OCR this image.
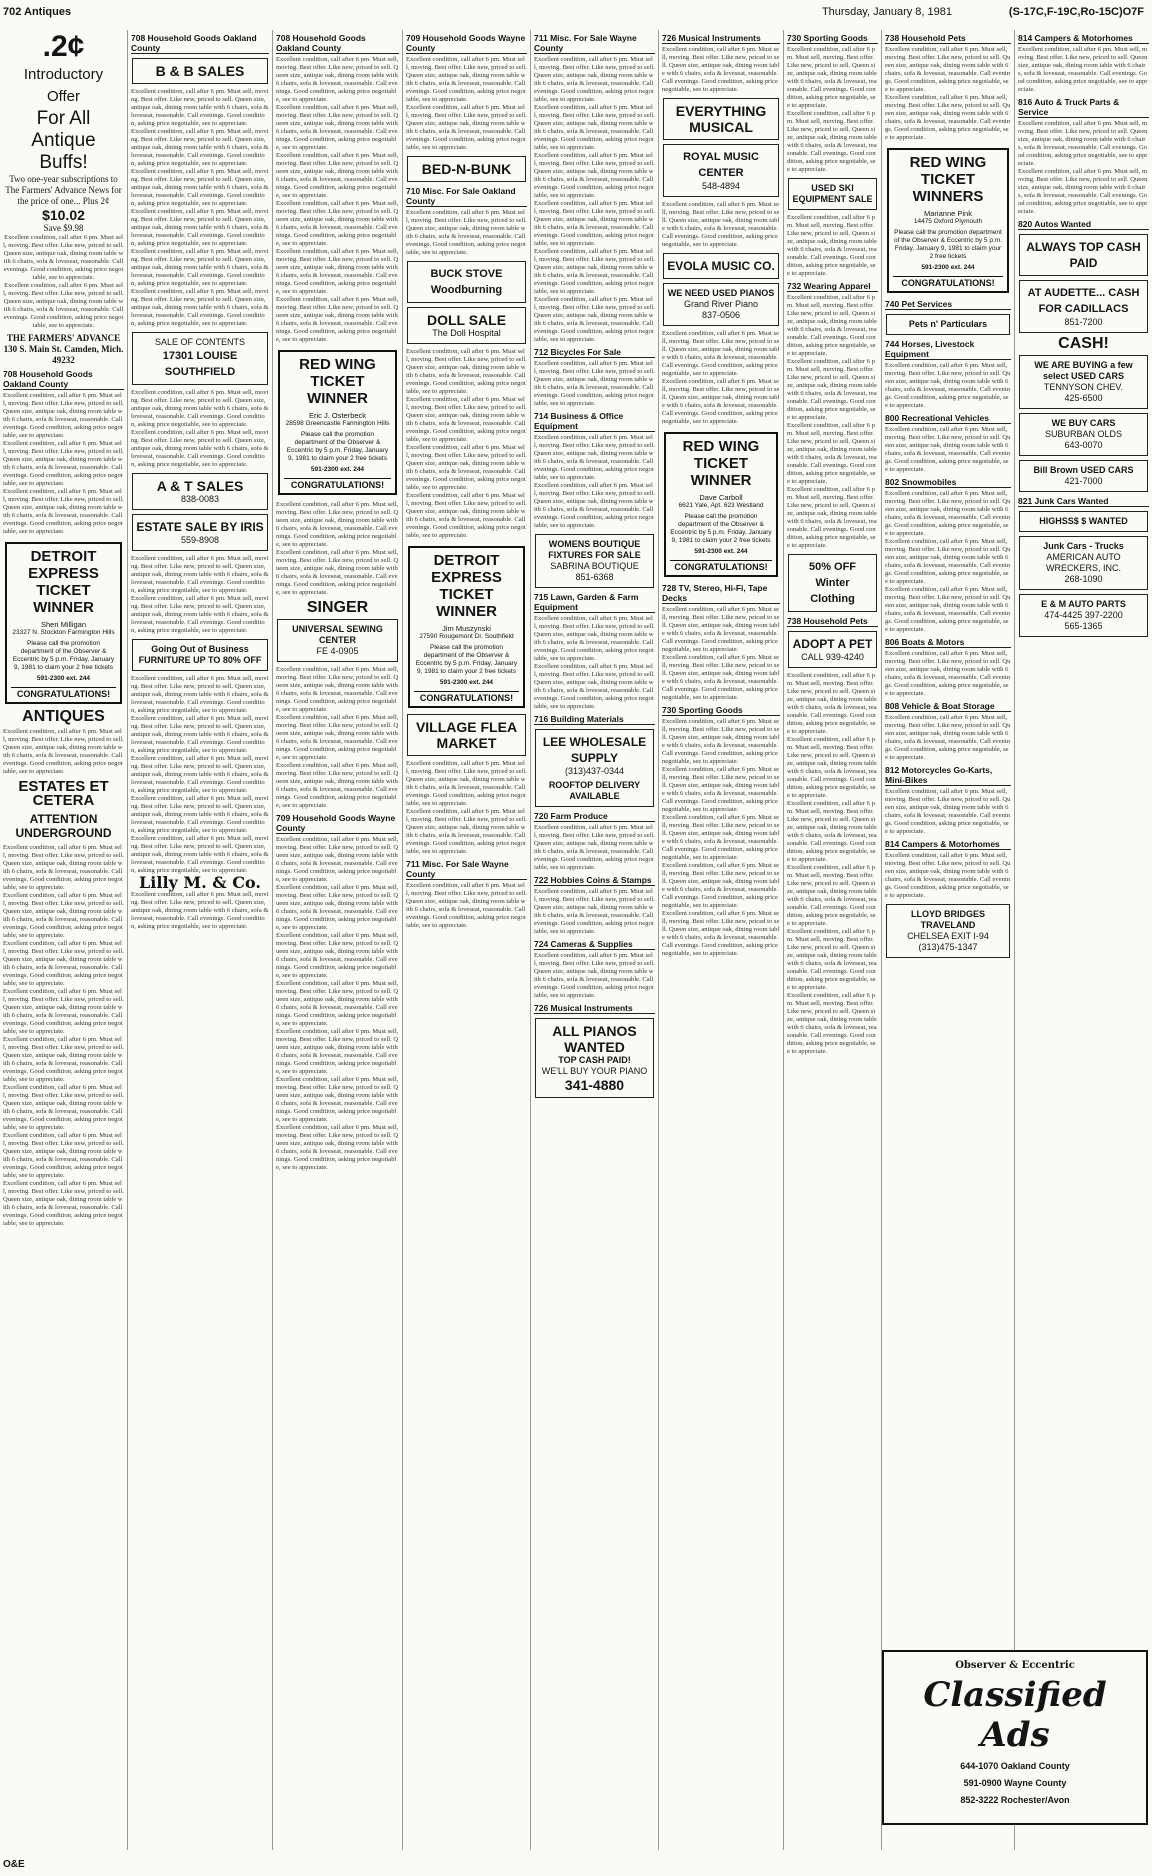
702 Antiques	Thursday, January 8, 1981	(S-17C,F-19C,Ro-15C)O7F
.2¢
Introductory
Offer
For All
Antique
Buffs!
Two one-year subscriptions to The Farmers' Advance News for the price of one... Plus 2¢
$10.02
Save $9.98
Excellent condition, call after 6 pm. Must sell, moving. Best offer. Like new, priced to sell. Queen size, antique oak, dining room table with 6 chairs, sofa & loveseat, reasonable. Call evenings. Good condition, asking price negotiable, see to appreciate.
Excellent condition, call after 6 pm. Must sell, moving. Best offer. Like new, priced to sell. Queen size, antique oak, dining room table with 6 chairs, sofa & loveseat, reasonable. Call evenings. Good condition, asking price negotiable, see to appreciate.
THE FARMERS' ADVANCE 130 S. Main St. Camden, Mich. 49232
708 Household Goods Oakland County
Excellent condition, call after 6 pm. Must sell, moving. Best offer. Like new, priced to sell. Queen size, antique oak, dining room table with 6 chairs, sofa & loveseat, reasonable. Call evenings. Good condition, asking price negotiable, see to appreciate.
Excellent condition, call after 6 pm. Must sell, moving. Best offer. Like new, priced to sell. Queen size, antique oak, dining room table with 6 chairs, sofa & loveseat, reasonable. Call evenings. Good condition, asking price negotiable, see to appreciate.
Excellent condition, call after 6 pm. Must sell, moving. Best offer. Like new, priced to sell. Queen size, antique oak, dining room table with 6 chairs, sofa & loveseat, reasonable. Call evenings. Good condition, asking price negotiable, see to appreciate.
DETROIT EXPRESS TICKET WINNER
Sheri Milligan
23327 N. Stockton Farmington Hills
Please call the promotion department of the Observer & Eccentric by 5 p.m. Friday, January 9, 1981 to claim your 2 free tickets
591-2300 ext. 244
CONGRATULATIONS!
ANTIQUES
Excellent condition, call after 6 pm. Must sell, moving. Best offer. Like new, priced to sell. Queen size, antique oak, dining room table with 6 chairs, sofa & loveseat, reasonable. Call evenings. Good condition, asking price negotiable, see to appreciate.
ESTATES ET CETERA
ATTENTION UNDERGROUND
Excellent condition, call after 6 pm. Must sell, moving. Best offer. Like new, priced to sell. Queen size, antique oak, dining room table with 6 chairs, sofa & loveseat, reasonable. Call evenings. Good condition, asking price negotiable, see to appreciate.
Excellent condition, call after 6 pm. Must sell, moving. Best offer. Like new, priced to sell. Queen size, antique oak, dining room table with 6 chairs, sofa & loveseat, reasonable. Call evenings. Good condition, asking price negotiable, see to appreciate.
Excellent condition, call after 6 pm. Must sell, moving. Best offer. Like new, priced to sell. Queen size, antique oak, dining room table with 6 chairs, sofa & loveseat, reasonable. Call evenings. Good condition, asking price negotiable, see to appreciate.
Excellent condition, call after 6 pm. Must sell, moving. Best offer. Like new, priced to sell. Queen size, antique oak, dining room table with 6 chairs, sofa & loveseat, reasonable. Call evenings. Good condition, asking price negotiable, see to appreciate.
Excellent condition, call after 6 pm. Must sell, moving. Best offer. Like new, priced to sell. Queen size, antique oak, dining room table with 6 chairs, sofa & loveseat, reasonable. Call evenings. Good condition, asking price negotiable, see to appreciate.
Excellent condition, call after 6 pm. Must sell, moving. Best offer. Like new, priced to sell. Queen size, antique oak, dining room table with 6 chairs, sofa & loveseat, reasonable. Call evenings. Good condition, asking price negotiable, see to appreciate.
Excellent condition, call after 6 pm. Must sell, moving. Best offer. Like new, priced to sell. Queen size, antique oak, dining room table with 6 chairs, sofa & loveseat, reasonable. Call evenings. Good condition, asking price negotiable, see to appreciate.
Excellent condition, call after 6 pm. Must sell, moving. Best offer. Like new, priced to sell. Queen size, antique oak, dining room table with 6 chairs, sofa & loveseat, reasonable. Call evenings. Good condition, asking price negotiable, see to appreciate.
708 Household Goods Oakland County
B & B SALES
Excellent condition, call after 6 pm. Must sell, moving. Best offer. Like new, priced to sell. Queen size, antique oak, dining room table with 6 chairs, sofa & loveseat, reasonable. Call evenings. Good condition, asking price negotiable, see to appreciate.
Excellent condition, call after 6 pm. Must sell, moving. Best offer. Like new, priced to sell. Queen size, antique oak, dining room table with 6 chairs, sofa & loveseat, reasonable. Call evenings. Good condition, asking price negotiable, see to appreciate.
Excellent condition, call after 6 pm. Must sell, moving. Best offer. Like new, priced to sell. Queen size, antique oak, dining room table with 6 chairs, sofa & loveseat, reasonable. Call evenings. Good condition, asking price negotiable, see to appreciate.
Excellent condition, call after 6 pm. Must sell, moving. Best offer. Like new, priced to sell. Queen size, antique oak, dining room table with 6 chairs, sofa & loveseat, reasonable. Call evenings. Good condition, asking price negotiable, see to appreciate.
Excellent condition, call after 6 pm. Must sell, moving. Best offer. Like new, priced to sell. Queen size, antique oak, dining room table with 6 chairs, sofa & loveseat, reasonable. Call evenings. Good condition, asking price negotiable, see to appreciate.
Excellent condition, call after 6 pm. Must sell, moving. Best offer. Like new, priced to sell. Queen size, antique oak, dining room table with 6 chairs, sofa & loveseat, reasonable. Call evenings. Good condition, asking price negotiable, see to appreciate.
SALE OF CONTENTS
17301 LOUISE SOUTHFIELD
Excellent condition, call after 6 pm. Must sell, moving. Best offer. Like new, priced to sell. Queen size, antique oak, dining room table with 6 chairs, sofa & loveseat, reasonable. Call evenings. Good condition, asking price negotiable, see to appreciate.
Excellent condition, call after 6 pm. Must sell, moving. Best offer. Like new, priced to sell. Queen size, antique oak, dining room table with 6 chairs, sofa & loveseat, reasonable. Call evenings. Good condition, asking price negotiable, see to appreciate.
A & T SALES
838-0083
ESTATE SALE BY IRIS
559-8908
Excellent condition, call after 6 pm. Must sell, moving. Best offer. Like new, priced to sell. Queen size, antique oak, dining room table with 6 chairs, sofa & loveseat, reasonable. Call evenings. Good condition, asking price negotiable, see to appreciate.
Excellent condition, call after 6 pm. Must sell, moving. Best offer. Like new, priced to sell. Queen size, antique oak, dining room table with 6 chairs, sofa & loveseat, reasonable. Call evenings. Good condition, asking price negotiable, see to appreciate.
Going Out of Business FURNITURE UP TO 80% OFF
Excellent condition, call after 6 pm. Must sell, moving. Best offer. Like new, priced to sell. Queen size, antique oak, dining room table with 6 chairs, sofa & loveseat, reasonable. Call evenings. Good condition, asking price negotiable, see to appreciate.
Excellent condition, call after 6 pm. Must sell, moving. Best offer. Like new, priced to sell. Queen size, antique oak, dining room table with 6 chairs, sofa & loveseat, reasonable. Call evenings. Good condition, asking price negotiable, see to appreciate.
Excellent condition, call after 6 pm. Must sell, moving. Best offer. Like new, priced to sell. Queen size, antique oak, dining room table with 6 chairs, sofa & loveseat, reasonable. Call evenings. Good condition, asking price negotiable, see to appreciate.
Excellent condition, call after 6 pm. Must sell, moving. Best offer. Like new, priced to sell. Queen size, antique oak, dining room table with 6 chairs, sofa & loveseat, reasonable. Call evenings. Good condition, asking price negotiable, see to appreciate.
Excellent condition, call after 6 pm. Must sell, moving. Best offer. Like new, priced to sell. Queen size, antique oak, dining room table with 6 chairs, sofa & loveseat, reasonable. Call evenings. Good condition, asking price negotiable, see to appreciate.
Lilly M. & Co.
Excellent condition, call after 6 pm. Must sell, moving. Best offer. Like new, priced to sell. Queen size, antique oak, dining room table with 6 chairs, sofa & loveseat, reasonable. Call evenings. Good condition, asking price negotiable, see to appreciate.
708 Household Goods Oakland County
Excellent condition, call after 6 pm. Must sell, moving. Best offer. Like new, priced to sell. Queen size, antique oak, dining room table with 6 chairs, sofa & loveseat, reasonable. Call evenings. Good condition, asking price negotiable, see to appreciate.
Excellent condition, call after 6 pm. Must sell, moving. Best offer. Like new, priced to sell. Queen size, antique oak, dining room table with 6 chairs, sofa & loveseat, reasonable. Call evenings. Good condition, asking price negotiable, see to appreciate.
Excellent condition, call after 6 pm. Must sell, moving. Best offer. Like new, priced to sell. Queen size, antique oak, dining room table with 6 chairs, sofa & loveseat, reasonable. Call evenings. Good condition, asking price negotiable, see to appreciate.
Excellent condition, call after 6 pm. Must sell, moving. Best offer. Like new, priced to sell. Queen size, antique oak, dining room table with 6 chairs, sofa & loveseat, reasonable. Call evenings. Good condition, asking price negotiable, see to appreciate.
Excellent condition, call after 6 pm. Must sell, moving. Best offer. Like new, priced to sell. Queen size, antique oak, dining room table with 6 chairs, sofa & loveseat, reasonable. Call evenings. Good condition, asking price negotiable, see to appreciate.
Excellent condition, call after 6 pm. Must sell, moving. Best offer. Like new, priced to sell. Queen size, antique oak, dining room table with 6 chairs, sofa & loveseat, reasonable. Call evenings. Good condition, asking price negotiable, see to appreciate.
RED WING TICKET WINNER
Eric J. Osterbeck
28598 Greencastle Farmington Hills
Please call the promotion department of the Observer & Eccentric by 5 p.m. Friday, January 9, 1981 to claim your 2 free tickets
591-2300 ext. 244
CONGRATULATIONS!
Excellent condition, call after 6 pm. Must sell, moving. Best offer. Like new, priced to sell. Queen size, antique oak, dining room table with 6 chairs, sofa & loveseat, reasonable. Call evenings. Good condition, asking price negotiable, see to appreciate.
Excellent condition, call after 6 pm. Must sell, moving. Best offer. Like new, priced to sell. Queen size, antique oak, dining room table with 6 chairs, sofa & loveseat, reasonable. Call evenings. Good condition, asking price negotiable, see to appreciate.
SINGER
UNIVERSAL SEWING CENTER
FE 4-0905
Excellent condition, call after 6 pm. Must sell, moving. Best offer. Like new, priced to sell. Queen size, antique oak, dining room table with 6 chairs, sofa & loveseat, reasonable. Call evenings. Good condition, asking price negotiable, see to appreciate.
Excellent condition, call after 6 pm. Must sell, moving. Best offer. Like new, priced to sell. Queen size, antique oak, dining room table with 6 chairs, sofa & loveseat, reasonable. Call evenings. Good condition, asking price negotiable, see to appreciate.
Excellent condition, call after 6 pm. Must sell, moving. Best offer. Like new, priced to sell. Queen size, antique oak, dining room table with 6 chairs, sofa & loveseat, reasonable. Call evenings. Good condition, asking price negotiable, see to appreciate.
709 Household Goods Wayne County
Excellent condition, call after 6 pm. Must sell, moving. Best offer. Like new, priced to sell. Queen size, antique oak, dining room table with 6 chairs, sofa & loveseat, reasonable. Call evenings. Good condition, asking price negotiable, see to appreciate.
Excellent condition, call after 6 pm. Must sell, moving. Best offer. Like new, priced to sell. Queen size, antique oak, dining room table with 6 chairs, sofa & loveseat, reasonable. Call evenings. Good condition, asking price negotiable, see to appreciate.
Excellent condition, call after 6 pm. Must sell, moving. Best offer. Like new, priced to sell. Queen size, antique oak, dining room table with 6 chairs, sofa & loveseat, reasonable. Call evenings. Good condition, asking price negotiable, see to appreciate.
Excellent condition, call after 6 pm. Must sell, moving. Best offer. Like new, priced to sell. Queen size, antique oak, dining room table with 6 chairs, sofa & loveseat, reasonable. Call evenings. Good condition, asking price negotiable, see to appreciate.
Excellent condition, call after 6 pm. Must sell, moving. Best offer. Like new, priced to sell. Queen size, antique oak, dining room table with 6 chairs, sofa & loveseat, reasonable. Call evenings. Good condition, asking price negotiable, see to appreciate.
Excellent condition, call after 6 pm. Must sell, moving. Best offer. Like new, priced to sell. Queen size, antique oak, dining room table with 6 chairs, sofa & loveseat, reasonable. Call evenings. Good condition, asking price negotiable, see to appreciate.
Excellent condition, call after 6 pm. Must sell, moving. Best offer. Like new, priced to sell. Queen size, antique oak, dining room table with 6 chairs, sofa & loveseat, reasonable. Call evenings. Good condition, asking price negotiable, see to appreciate.
709 Household Goods Wayne County
Excellent condition, call after 6 pm. Must sell, moving. Best offer. Like new, priced to sell. Queen size, antique oak, dining room table with 6 chairs, sofa & loveseat, reasonable. Call evenings. Good condition, asking price negotiable, see to appreciate.
Excellent condition, call after 6 pm. Must sell, moving. Best offer. Like new, priced to sell. Queen size, antique oak, dining room table with 6 chairs, sofa & loveseat, reasonable. Call evenings. Good condition, asking price negotiable, see to appreciate.
BED-N-BUNK
710 Misc. For Sale Oakland County
Excellent condition, call after 6 pm. Must sell, moving. Best offer. Like new, priced to sell. Queen size, antique oak, dining room table with 6 chairs, sofa & loveseat, reasonable. Call evenings. Good condition, asking price negotiable, see to appreciate.
BUCK STOVE Woodburning
DOLL SALE
The Doll Hospital
Excellent condition, call after 6 pm. Must sell, moving. Best offer. Like new, priced to sell. Queen size, antique oak, dining room table with 6 chairs, sofa & loveseat, reasonable. Call evenings. Good condition, asking price negotiable, see to appreciate.
Excellent condition, call after 6 pm. Must sell, moving. Best offer. Like new, priced to sell. Queen size, antique oak, dining room table with 6 chairs, sofa & loveseat, reasonable. Call evenings. Good condition, asking price negotiable, see to appreciate.
Excellent condition, call after 6 pm. Must sell, moving. Best offer. Like new, priced to sell. Queen size, antique oak, dining room table with 6 chairs, sofa & loveseat, reasonable. Call evenings. Good condition, asking price negotiable, see to appreciate.
Excellent condition, call after 6 pm. Must sell, moving. Best offer. Like new, priced to sell. Queen size, antique oak, dining room table with 6 chairs, sofa & loveseat, reasonable. Call evenings. Good condition, asking price negotiable, see to appreciate.
DETROIT EXPRESS TICKET WINNER
Jim Muszynski
27590 Rougemont Dr. Southfield
Please call the promotion department of the Observer & Eccentric by 5 p.m. Friday, January 9, 1981 to claim your 2 free tickets
591-2300 ext. 244
CONGRATULATIONS!
VILLAGE FLEA MARKET
Excellent condition, call after 6 pm. Must sell, moving. Best offer. Like new, priced to sell. Queen size, antique oak, dining room table with 6 chairs, sofa & loveseat, reasonable. Call evenings. Good condition, asking price negotiable, see to appreciate.
Excellent condition, call after 6 pm. Must sell, moving. Best offer. Like new, priced to sell. Queen size, antique oak, dining room table with 6 chairs, sofa & loveseat, reasonable. Call evenings. Good condition, asking price negotiable, see to appreciate.
711 Misc. For Sale Wayne County
Excellent condition, call after 6 pm. Must sell, moving. Best offer. Like new, priced to sell. Queen size, antique oak, dining room table with 6 chairs, sofa & loveseat, reasonable. Call evenings. Good condition, asking price negotiable, see to appreciate.
711 Misc. For Sale Wayne County
Excellent condition, call after 6 pm. Must sell, moving. Best offer. Like new, priced to sell. Queen size, antique oak, dining room table with 6 chairs, sofa & loveseat, reasonable. Call evenings. Good condition, asking price negotiable, see to appreciate.
Excellent condition, call after 6 pm. Must sell, moving. Best offer. Like new, priced to sell. Queen size, antique oak, dining room table with 6 chairs, sofa & loveseat, reasonable. Call evenings. Good condition, asking price negotiable, see to appreciate.
Excellent condition, call after 6 pm. Must sell, moving. Best offer. Like new, priced to sell. Queen size, antique oak, dining room table with 6 chairs, sofa & loveseat, reasonable. Call evenings. Good condition, asking price negotiable, see to appreciate.
Excellent condition, call after 6 pm. Must sell, moving. Best offer. Like new, priced to sell. Queen size, antique oak, dining room table with 6 chairs, sofa & loveseat, reasonable. Call evenings. Good condition, asking price negotiable, see to appreciate.
Excellent condition, call after 6 pm. Must sell, moving. Best offer. Like new, priced to sell. Queen size, antique oak, dining room table with 6 chairs, sofa & loveseat, reasonable. Call evenings. Good condition, asking price negotiable, see to appreciate.
Excellent condition, call after 6 pm. Must sell, moving. Best offer. Like new, priced to sell. Queen size, antique oak, dining room table with 6 chairs, sofa & loveseat, reasonable. Call evenings. Good condition, asking price negotiable, see to appreciate.
712 Bicycles For Sale
Excellent condition, call after 6 pm. Must sell, moving. Best offer. Like new, priced to sell. Queen size, antique oak, dining room table with 6 chairs, sofa & loveseat, reasonable. Call evenings. Good condition, asking price negotiable, see to appreciate.
714 Business & Office Equipment
Excellent condition, call after 6 pm. Must sell, moving. Best offer. Like new, priced to sell. Queen size, antique oak, dining room table with 6 chairs, sofa & loveseat, reasonable. Call evenings. Good condition, asking price negotiable, see to appreciate.
Excellent condition, call after 6 pm. Must sell, moving. Best offer. Like new, priced to sell. Queen size, antique oak, dining room table with 6 chairs, sofa & loveseat, reasonable. Call evenings. Good condition, asking price negotiable, see to appreciate.
WOMENS BOUTIQUE FIXTURES FOR SALE
SABRINA BOUTIQUE
851-6368
715 Lawn, Garden & Farm Equipment
Excellent condition, call after 6 pm. Must sell, moving. Best offer. Like new, priced to sell. Queen size, antique oak, dining room table with 6 chairs, sofa & loveseat, reasonable. Call evenings. Good condition, asking price negotiable, see to appreciate.
Excellent condition, call after 6 pm. Must sell, moving. Best offer. Like new, priced to sell. Queen size, antique oak, dining room table with 6 chairs, sofa & loveseat, reasonable. Call evenings. Good condition, asking price negotiable, see to appreciate.
716 Building Materials
LEE WHOLESALE SUPPLY
(313)437-0344
ROOFTOP DELIVERY AVAILABLE
720 Farm Produce
Excellent condition, call after 6 pm. Must sell, moving. Best offer. Like new, priced to sell. Queen size, antique oak, dining room table with 6 chairs, sofa & loveseat, reasonable. Call evenings. Good condition, asking price negotiable, see to appreciate.
722 Hobbies Coins & Stamps
Excellent condition, call after 6 pm. Must sell, moving. Best offer. Like new, priced to sell. Queen size, antique oak, dining room table with 6 chairs, sofa & loveseat, reasonable. Call evenings. Good condition, asking price negotiable, see to appreciate.
724 Cameras & Supplies
Excellent condition, call after 6 pm. Must sell, moving. Best offer. Like new, priced to sell. Queen size, antique oak, dining room table with 6 chairs, sofa & loveseat, reasonable. Call evenings. Good condition, asking price negotiable, see to appreciate.
726 Musical Instruments
ALL PIANOS WANTED
TOP CASH PAID!
WE'LL BUY YOUR PIANO
341-4880
726 Musical Instruments
Excellent condition, call after 6 pm. Must sell, moving. Best offer. Like new, priced to sell. Queen size, antique oak, dining room table with 6 chairs, sofa & loveseat, reasonable. Call evenings. Good condition, asking price negotiable, see to appreciate.
EVERYTHING MUSICAL
ROYAL MUSIC CENTER
548-4894
Excellent condition, call after 6 pm. Must sell, moving. Best offer. Like new, priced to sell. Queen size, antique oak, dining room table with 6 chairs, sofa & loveseat, reasonable. Call evenings. Good condition, asking price negotiable, see to appreciate.
EVOLA MUSIC CO.
WE NEED USED PIANOS
Grand River Piano
837-0506
Excellent condition, call after 6 pm. Must sell, moving. Best offer. Like new, priced to sell. Queen size, antique oak, dining room table with 6 chairs, sofa & loveseat, reasonable. Call evenings. Good condition, asking price negotiable, see to appreciate.
Excellent condition, call after 6 pm. Must sell, moving. Best offer. Like new, priced to sell. Queen size, antique oak, dining room table with 6 chairs, sofa & loveseat, reasonable. Call evenings. Good condition, asking price negotiable, see to appreciate.
RED WING TICKET WINNER
Dave Carboll
6621 Yale, Apt. 623 Westland
Please call the promotion department of the Observer & Eccentric by 5 p.m. Friday, January 9, 1981 to claim your 2 free tickets
591-2300 ext. 244
CONGRATULATIONS!
728 TV, Stereo, Hi-Fi, Tape Decks
Excellent condition, call after 6 pm. Must sell, moving. Best offer. Like new, priced to sell. Queen size, antique oak, dining room table with 6 chairs, sofa & loveseat, reasonable. Call evenings. Good condition, asking price negotiable, see to appreciate.
Excellent condition, call after 6 pm. Must sell, moving. Best offer. Like new, priced to sell. Queen size, antique oak, dining room table with 6 chairs, sofa & loveseat, reasonable. Call evenings. Good condition, asking price negotiable, see to appreciate.
730 Sporting Goods
Excellent condition, call after 6 pm. Must sell, moving. Best offer. Like new, priced to sell. Queen size, antique oak, dining room table with 6 chairs, sofa & loveseat, reasonable. Call evenings. Good condition, asking price negotiable, see to appreciate.
Excellent condition, call after 6 pm. Must sell, moving. Best offer. Like new, priced to sell. Queen size, antique oak, dining room table with 6 chairs, sofa & loveseat, reasonable. Call evenings. Good condition, asking price negotiable, see to appreciate.
Excellent condition, call after 6 pm. Must sell, moving. Best offer. Like new, priced to sell. Queen size, antique oak, dining room table with 6 chairs, sofa & loveseat, reasonable. Call evenings. Good condition, asking price negotiable, see to appreciate.
Excellent condition, call after 6 pm. Must sell, moving. Best offer. Like new, priced to sell. Queen size, antique oak, dining room table with 6 chairs, sofa & loveseat, reasonable. Call evenings. Good condition, asking price negotiable, see to appreciate.
Excellent condition, call after 6 pm. Must sell, moving. Best offer. Like new, priced to sell. Queen size, antique oak, dining room table with 6 chairs, sofa & loveseat, reasonable. Call evenings. Good condition, asking price negotiable, see to appreciate.
730 Sporting Goods
Excellent condition, call after 6 pm. Must sell, moving. Best offer. Like new, priced to sell. Queen size, antique oak, dining room table with 6 chairs, sofa & loveseat, reasonable. Call evenings. Good condition, asking price negotiable, see to appreciate.
Excellent condition, call after 6 pm. Must sell, moving. Best offer. Like new, priced to sell. Queen size, antique oak, dining room table with 6 chairs, sofa & loveseat, reasonable. Call evenings. Good condition, asking price negotiable, see to appreciate.
USED SKI EQUIPMENT SALE
Excellent condition, call after 6 pm. Must sell, moving. Best offer. Like new, priced to sell. Queen size, antique oak, dining room table with 6 chairs, sofa & loveseat, reasonable. Call evenings. Good condition, asking price negotiable, see to appreciate.
732 Wearing Apparel
Excellent condition, call after 6 pm. Must sell, moving. Best offer. Like new, priced to sell. Queen size, antique oak, dining room table with 6 chairs, sofa & loveseat, reasonable. Call evenings. Good condition, asking price negotiable, see to appreciate.
Excellent condition, call after 6 pm. Must sell, moving. Best offer. Like new, priced to sell. Queen size, antique oak, dining room table with 6 chairs, sofa & loveseat, reasonable. Call evenings. Good condition, asking price negotiable, see to appreciate.
Excellent condition, call after 6 pm. Must sell, moving. Best offer. Like new, priced to sell. Queen size, antique oak, dining room table with 6 chairs, sofa & loveseat, reasonable. Call evenings. Good condition, asking price negotiable, see to appreciate.
Excellent condition, call after 6 pm. Must sell, moving. Best offer. Like new, priced to sell. Queen size, antique oak, dining room table with 6 chairs, sofa & loveseat, reasonable. Call evenings. Good condition, asking price negotiable, see to appreciate.
50% OFF Winter Clothing
738 Household Pets
ADOPT A PET
CALL 939-4240
Excellent condition, call after 6 pm. Must sell, moving. Best offer. Like new, priced to sell. Queen size, antique oak, dining room table with 6 chairs, sofa & loveseat, reasonable. Call evenings. Good condition, asking price negotiable, see to appreciate.
Excellent condition, call after 6 pm. Must sell, moving. Best offer. Like new, priced to sell. Queen size, antique oak, dining room table with 6 chairs, sofa & loveseat, reasonable. Call evenings. Good condition, asking price negotiable, see to appreciate.
Excellent condition, call after 6 pm. Must sell, moving. Best offer. Like new, priced to sell. Queen size, antique oak, dining room table with 6 chairs, sofa & loveseat, reasonable. Call evenings. Good condition, asking price negotiable, see to appreciate.
Excellent condition, call after 6 pm. Must sell, moving. Best offer. Like new, priced to sell. Queen size, antique oak, dining room table with 6 chairs, sofa & loveseat, reasonable. Call evenings. Good condition, asking price negotiable, see to appreciate.
Excellent condition, call after 6 pm. Must sell, moving. Best offer. Like new, priced to sell. Queen size, antique oak, dining room table with 6 chairs, sofa & loveseat, reasonable. Call evenings. Good condition, asking price negotiable, see to appreciate.
Excellent condition, call after 6 pm. Must sell, moving. Best offer. Like new, priced to sell. Queen size, antique oak, dining room table with 6 chairs, sofa & loveseat, reasonable. Call evenings. Good condition, asking price negotiable, see to appreciate.
738 Household Pets
Excellent condition, call after 6 pm. Must sell, moving. Best offer. Like new, priced to sell. Queen size, antique oak, dining room table with 6 chairs, sofa & loveseat, reasonable. Call evenings. Good condition, asking price negotiable, see to appreciate.
Excellent condition, call after 6 pm. Must sell, moving. Best offer. Like new, priced to sell. Queen size, antique oak, dining room table with 6 chairs, sofa & loveseat, reasonable. Call evenings. Good condition, asking price negotiable, see to appreciate.
RED WING TICKET WINNERS
Marianne Pink
14475 Oxford Plymouth
Please call the promotion department of the Observer & Eccentric by 5 p.m. Friday, January 9, 1981 to claim your 2 free tickets
591-2300 ext. 244
CONGRATULATIONS!
740 Pet Services
Pets n' Particulars
744 Horses, Livestock Equipment
Excellent condition, call after 6 pm. Must sell, moving. Best offer. Like new, priced to sell. Queen size, antique oak, dining room table with 6 chairs, sofa & loveseat, reasonable. Call evenings. Good condition, asking price negotiable, see to appreciate.
800 Recreational Vehicles
Excellent condition, call after 6 pm. Must sell, moving. Best offer. Like new, priced to sell. Queen size, antique oak, dining room table with 6 chairs, sofa & loveseat, reasonable. Call evenings. Good condition, asking price negotiable, see to appreciate.
802 Snowmobiles
Excellent condition, call after 6 pm. Must sell, moving. Best offer. Like new, priced to sell. Queen size, antique oak, dining room table with 6 chairs, sofa & loveseat, reasonable. Call evenings. Good condition, asking price negotiable, see to appreciate.
Excellent condition, call after 6 pm. Must sell, moving. Best offer. Like new, priced to sell. Queen size, antique oak, dining room table with 6 chairs, sofa & loveseat, reasonable. Call evenings. Good condition, asking price negotiable, see to appreciate.
Excellent condition, call after 6 pm. Must sell, moving. Best offer. Like new, priced to sell. Queen size, antique oak, dining room table with 6 chairs, sofa & loveseat, reasonable. Call evenings. Good condition, asking price negotiable, see to appreciate.
806 Boats & Motors
Excellent condition, call after 6 pm. Must sell, moving. Best offer. Like new, priced to sell. Queen size, antique oak, dining room table with 6 chairs, sofa & loveseat, reasonable. Call evenings. Good condition, asking price negotiable, see to appreciate.
808 Vehicle & Boat Storage
Excellent condition, call after 6 pm. Must sell, moving. Best offer. Like new, priced to sell. Queen size, antique oak, dining room table with 6 chairs, sofa & loveseat, reasonable. Call evenings. Good condition, asking price negotiable, see to appreciate.
812 Motorcycles Go-Karts, Mini-Bikes
Excellent condition, call after 6 pm. Must sell, moving. Best offer. Like new, priced to sell. Queen size, antique oak, dining room table with 6 chairs, sofa & loveseat, reasonable. Call evenings. Good condition, asking price negotiable, see to appreciate.
814 Campers & Motorhomes
Excellent condition, call after 6 pm. Must sell, moving. Best offer. Like new, priced to sell. Queen size, antique oak, dining room table with 6 chairs, sofa & loveseat, reasonable. Call evenings. Good condition, asking price negotiable, see to appreciate.
LLOYD BRIDGES TRAVELAND
CHELSEA EXIT I-94
(313)475-1347
814 Campers & Motorhomes
Excellent condition, call after 6 pm. Must sell, moving. Best offer. Like new, priced to sell. Queen size, antique oak, dining room table with 6 chairs, sofa & loveseat, reasonable. Call evenings. Good condition, asking price negotiable, see to appreciate.
816 Auto & Truck Parts & Service
Excellent condition, call after 6 pm. Must sell, moving. Best offer. Like new, priced to sell. Queen size, antique oak, dining room table with 6 chairs, sofa & loveseat, reasonable. Call evenings. Good condition, asking price negotiable, see to appreciate.
Excellent condition, call after 6 pm. Must sell, moving. Best offer. Like new, priced to sell. Queen size, antique oak, dining room table with 6 chairs, sofa & loveseat, reasonable. Call evenings. Good condition, asking price negotiable, see to appreciate.
820 Autos Wanted
ALWAYS TOP CASH PAID
AT AUDETTE... CASH FOR CADILLACS
851-7200
CASH!
WE ARE BUYING a few select USED CARS
TENNYSON CHEV.
425-6500
WE BUY CARS
SUBURBAN OLDS
643-0070
Bill Brown USED CARS
421-7000
821 Junk Cars Wanted
HIGHSS$ $ WANTED
Junk Cars - Trucks
AMERICAN AUTO WRECKERS, INC.
268-1090
E & M AUTO PARTS
474-4425 397-2200
565-1365
Observer & Eccentric
Classified Ads
644-1070 Oakland County
591-0900 Wayne County
852-3222 Rochester/Avon
O&E
